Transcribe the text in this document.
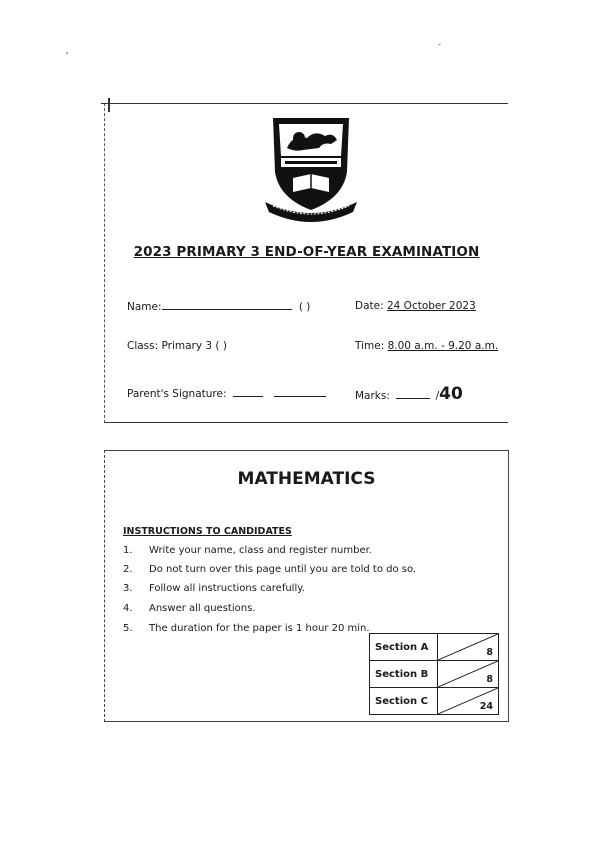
2023 PRIMARY 3 END-OF-YEAR EXAMINATION
Name:	( )	Date: 24 October 2023
Class: Primary 3 ( )	Time: 8.00 a.m. - 9.20 a.m.
Parent's Signature:	Marks:	/40
MATHEMATICS
INSTRUCTIONS TO CANDIDATES
1. Write your name, class and register number.
2. Do not turn over this page until you are told to do so.
3. Follow all instructions carefully.
4. Answer all questions.
5. The duration for the paper is 1 hour 20 min.
Section A	8

Section B	8

Section C	24
